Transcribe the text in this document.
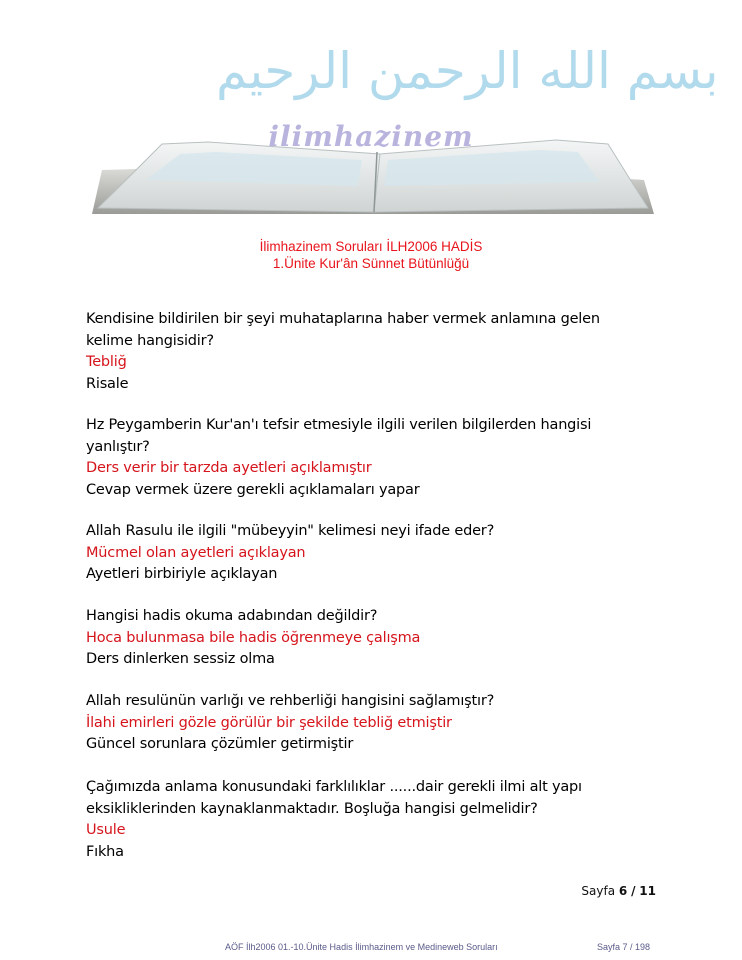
بسم الله الرحمن الرحيم
ilimhazinem
İlimhazinem Soruları İLH2006 HADİS
1.Ünite Kur'ân Sünnet Bütünlüğü
Kendisine bildirilen bir şeyi muhataplarına haber vermek anlamına gelen
kelime hangisidir?
Tebliğ
Risale
Hz Peygamberin Kur'an'ı tefsir etmesiyle ilgili verilen bilgilerden hangisi
yanlıştır?
Ders verir bir tarzda ayetleri açıklamıştır
Cevap vermek üzere gerekli açıklamaları yapar
Allah Rasulu ile ilgili "mübeyyin" kelimesi neyi ifade eder?
Mücmel olan ayetleri açıklayan
Ayetleri birbiriyle açıklayan
Hangisi hadis okuma adabından değildir?
Hoca bulunmasa bile hadis öğrenmeye çalışma
Ders dinlerken sessiz olma
Allah resulünün varlığı ve rehberliği hangisini sağlamıştır?
İlahi emirleri gözle görülür bir şekilde tebliğ etmiştir
Güncel sorunlara çözümler getirmiştir
Çağımızda anlama konusundaki farklılıklar ......dair gerekli ilmi alt yapı
eksikliklerinden kaynaklanmaktadır. Boşluğa hangisi gelmelidir?
Usule
Fıkha
Sayfa 6 / 11
AÖF İlh2006 01.-10.Ünite Hadis İlimhazinem ve Medineweb Soruları	Sayfa 7 / 198
